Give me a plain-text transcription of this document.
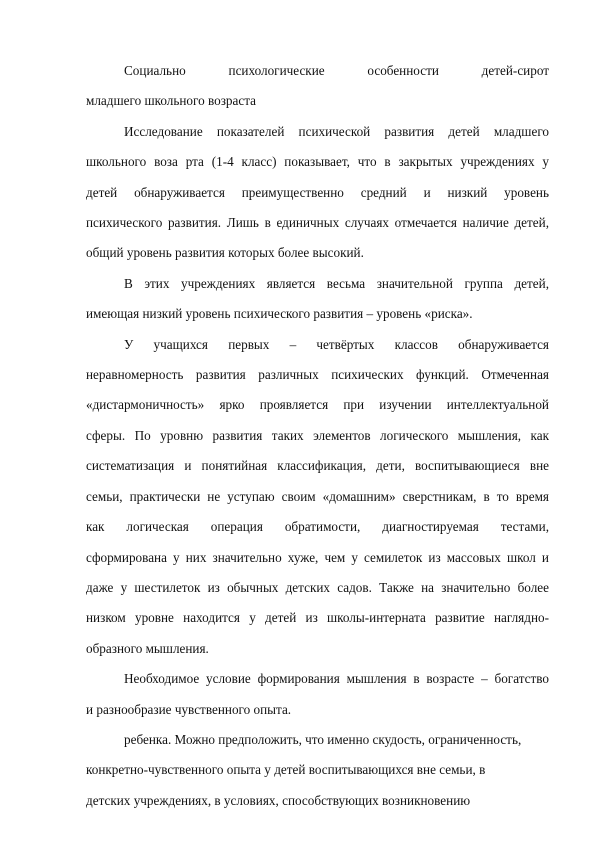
Социально психологические особенности детей-сирот
младшего школьного возраста

Исследование показателей психической развития детей младшего
школьного воза рта (1-4 класс) показывает, что в закрытых учреждениях у
детей обнаруживается преимущественно средний и низкий уровень
психического развития. Лишь в единичных случаях отмечается наличие детей,
общий уровень развития которых более высокий.

В этих учреждениях является весьма значительной группа детей,
имеющая низкий уровень психического развития – уровень «риска».

У учащихся первых – четвёртых классов обнаруживается
неравномерность развития различных психических функций. Отмеченная
«дистармоничность» ярко проявляется при изучении интеллектуальной
сферы. По уровню развития таких элементов логического мышления, как
систематизация и понятийная классификация, дети, воспитывающиеся вне
семьи, практически не уступаю своим «домашним» сверстникам, в то время
как логическая операция обратимости, диагностируемая тестами,
сформирована у них значительно хуже, чем у семилеток из массовых школ и
даже у шестилеток из обычных детских садов. Также на значительно более
низком уровне находится у детей из школы-интерната развитие наглядно-
образного мышления.

Необходимое условие формирования мышления в возрасте – богатство
и разнообразие чувственного опыта.

ребенка. Можно предположить, что именно скудость, ограниченность,
конкретно-чувственного опыта у детей воспитывающихся вне семьи, в
детских учреждениях, в условиях, способствующих возникновению
